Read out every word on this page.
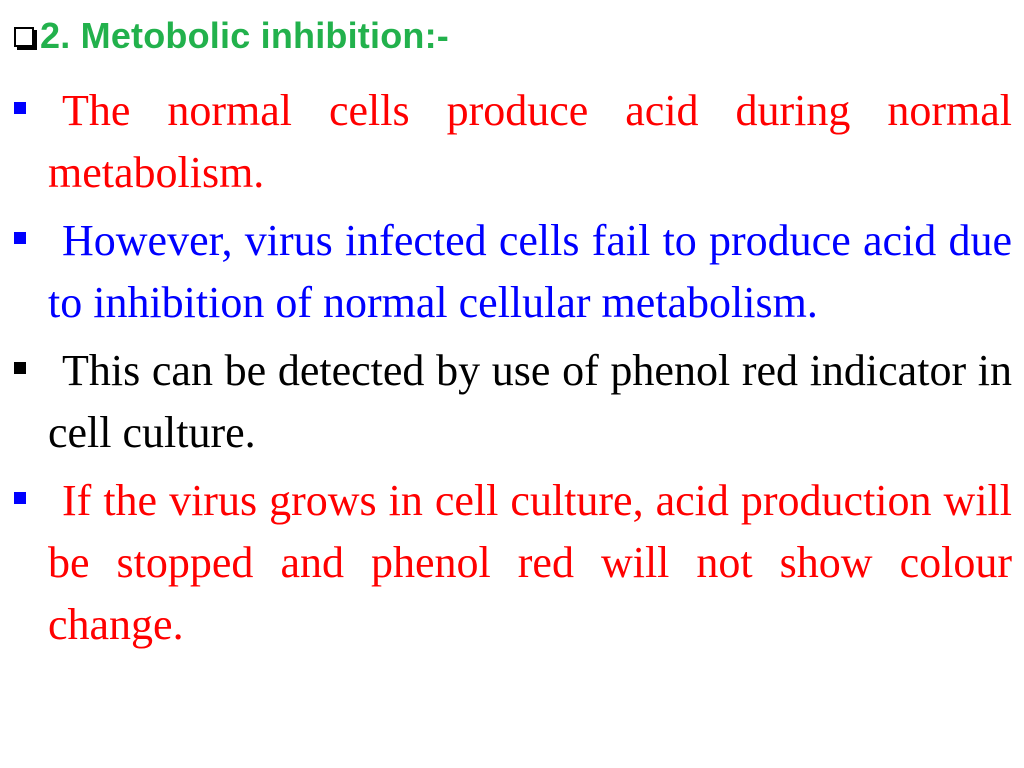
2. Metobolic inhibition:-
The normal cells produce acid during normal metabolism.
However, virus infected cells fail to produce acid due to inhibition of normal cellular metabolism.
This can be detected by use of phenol red indicator in cell culture.
If the virus grows in cell culture, acid production will be stopped and phenol red will not show colour change.
